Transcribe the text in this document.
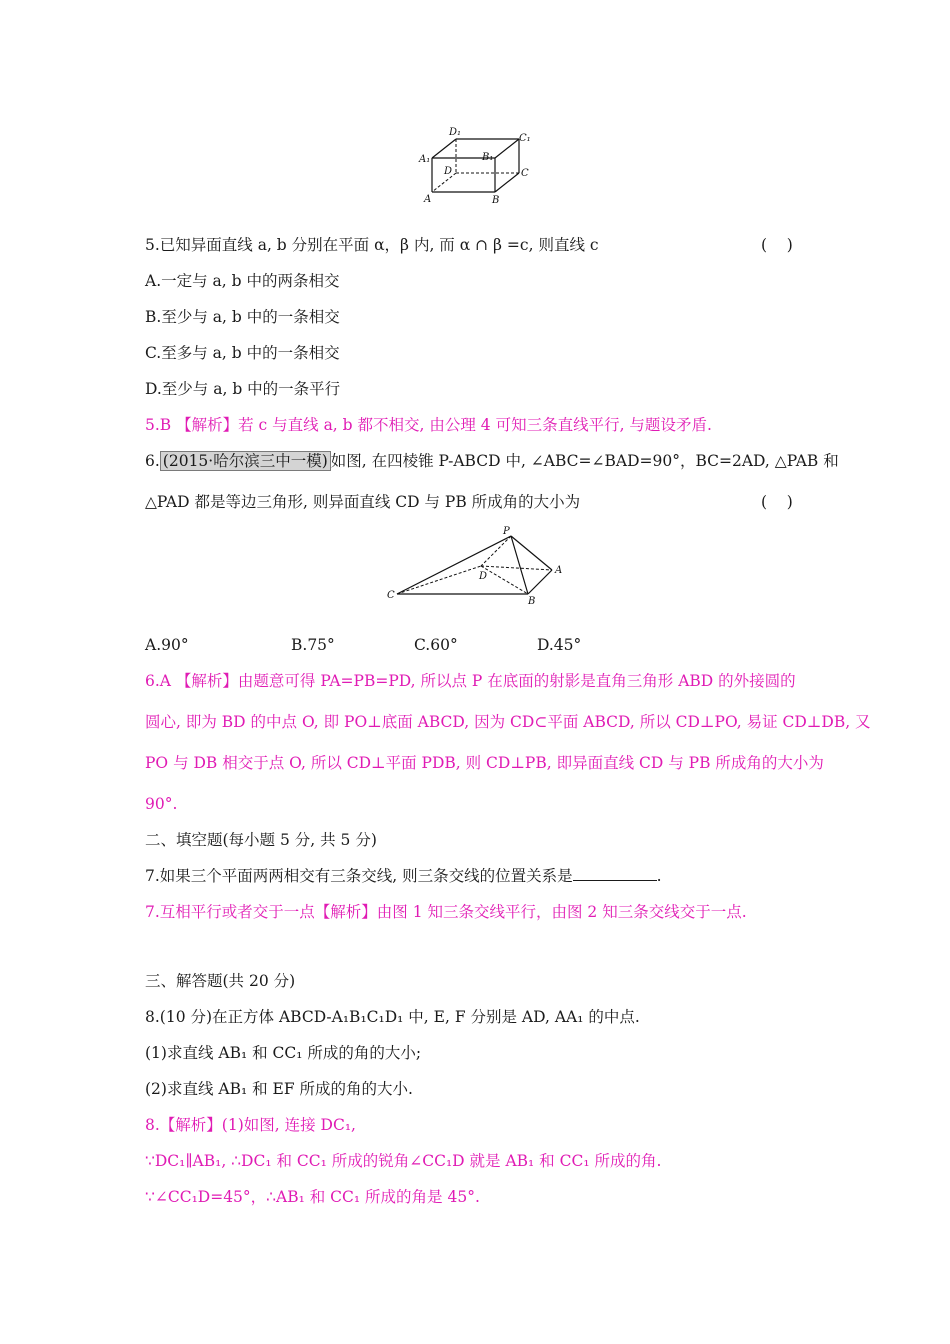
D₁
C₁
A₁	B₁
D	C
A	B
5.已知异面直线 a, b 分别在平面 α，β 内, 而 α ∩ β =c, 则直线 c	(    )
A.一定与 a, b 中的两条相交
B.至少与 a, b 中的一条相交
C.至多与 a, b 中的一条相交
D.至少与 a, b 中的一条平行
5.B 【解析】若 c 与直线 a, b 都不相交, 由公理 4 可知三条直线平行, 与题设矛盾.
6. (2015·哈尔滨三中一模) 如图, 在四棱锥 P-ABCD 中, ∠ABC=∠BAD=90°，BC=2AD, △PAB 和
△PAD 都是等边三角形, 则异面直线 CD 与 PB 所成角的大小为	(    )
P
D
A
C
B
A.90°	B.75°	C.60°	D.45°
6.A 【解析】由题意可得 PA=PB=PD, 所以点 P 在底面的射影是直角三角形 ABD 的外接圆的
圆心, 即为 BD 的中点 O, 即 PO⊥底面 ABCD, 因为 CD⊂平面 ABCD, 所以 CD⊥PO, 易证 CD⊥DB, 又
PO 与 DB 相交于点 O, 所以 CD⊥平面 PDB, 则 CD⊥PB, 即异面直线 CD 与 PB 所成角的大小为
90°.
二、填空题(每小题 5 分, 共 5 分)
7.如果三个平面两两相交有三条交线, 则三条交线的位置关系是	.
7.互相平行或者交于一点【解析】由图 1 知三条交线平行，由图 2 知三条交线交于一点.
三、解答题(共 20 分)
8.(10 分)在正方体 ABCD-A₁B₁C₁D₁ 中, E, F 分别是 AD, AA₁ 的中点.
(1)求直线 AB₁ 和 CC₁ 所成的角的大小;
(2)求直线 AB₁ 和 EF 所成的角的大小.
8.【解析】(1)如图, 连接 DC₁,
∵DC₁∥AB₁, ∴DC₁ 和 CC₁ 所成的锐角∠CC₁D 就是 AB₁ 和 CC₁ 所成的角.
∵∠CC₁D=45°，∴AB₁ 和 CC₁ 所成的角是 45°.
